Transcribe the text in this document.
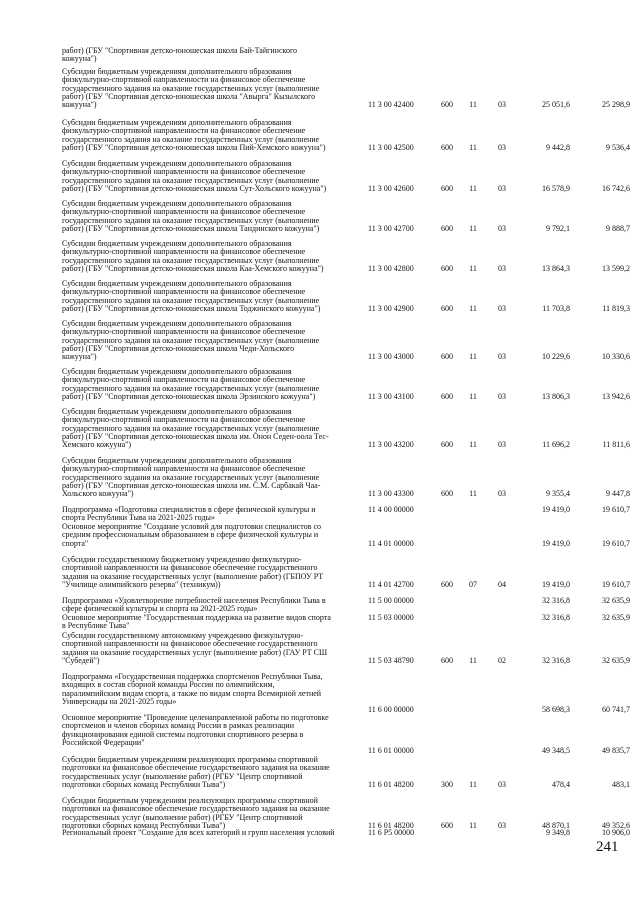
работ) (ГБУ "Спортивная детско-юношеская школа Бай-Тайгинского
кожууна")
Субсидии бюджетным учреждениям дополнительного образования
физкультурно-спортивной направленности на финансовое обеспечение
государственного задания на оказание государственных услуг (выполнение
работ) (ГБУ "Спортивная детско-юношеская школа "Авырга" Кызылского
кожууна")	11 3 00 42400	600	11	03	25 051,6	25 298,9
Субсидии бюджетным учреждениям дополнительного образования
физкультурно-спортивной направленности на финансовое обеспечение
государственного задания на оказание государственных услуг (выполнение
работ) (ГБУ "Спортивная детско-юношеская школа Пий-Хемского кожууна")	11 3 00 42500	600	11	03	9 442,8	9 536,4
Субсидии бюджетным учреждениям дополнительного образования
физкультурно-спортивной направленности на финансовое обеспечение
государственного задания на оказание государственных услуг (выполнение
работ) (ГБУ "Спортивная детско-юношеская школа Сут-Хольского кожууна")	11 3 00 42600	600	11	03	16 578,9	16 742,6
Субсидии бюджетным учреждениям дополнительного образования
физкультурно-спортивной направленности на финансовое обеспечение
государственного задания на оказание государственных услуг (выполнение
работ) (ГБУ "Спортивная детско-юношеская школа Тандинского кожууна")	11 3 00 42700	600	11	03	9 792,1	9 888,7
Субсидии бюджетным учреждениям дополнительного образования
физкультурно-спортивной направленности на финансовое обеспечение
государственного задания на оказание государственных услуг (выполнение
работ) (ГБУ "Спортивная детско-юношеская школа Каа-Хемского кожууна")	11 3 00 42800	600	11	03	13 864,3	13 599,2
Субсидии бюджетным учреждениям дополнительного образования
физкультурно-спортивной направленности на финансовое обеспечение
государственного задания на оказание государственных услуг (выполнение
работ) (ГБУ "Спортивная детско-юношеская школа Тоджинского кожууна")	11 3 00 42900	600	11	03	11 703,8	11 819,3
Субсидии бюджетным учреждениям дополнительного образования
физкультурно-спортивной направленности на финансовое обеспечение
государственного задания на оказание государственных услуг (выполнение
работ) (ГБУ "Спортивная детско-юношеская школа Чеди-Хольского
кожууна")	11 3 00 43000	600	11	03	10 229,6	10 330,6
Субсидии бюджетным учреждениям дополнительного образования
физкультурно-спортивной направленности на финансовое обеспечение
государственного задания на оказание государственных услуг (выполнение
работ) (ГБУ "Спортивная детско-юношеская школа Эрзинского кожууна")	11 3 00 43100	600	11	03	13 806,3	13 942,6
Субсидии бюджетным учреждениям дополнительного образования
физкультурно-спортивной направленности на финансовое обеспечение
государственного задания на оказание государственных услуг (выполнение
работ) (ГБУ "Спортивная детско-юношеская школа им. Онон Седен-оола Тес-
Хемского кожууна")	11 3 00 43200	600	11	03	11 696,2	11 811,6
Субсидии бюджетным учреждениям дополнительного образования
физкультурно-спортивной направленности на финансовое обеспечение
государственного задания на оказание государственных услуг (выполнение
работ) (ГБУ "Спортивная детско-юношеская школа им. С.М. Сарбакай Чаа-
Хольского кожууна")	11 3 00 43300	600	11	03	9 355,4	9 447,8
Подпрограмма «Подготовка специалистов в сфере физической культуры и
спорта Республики Тыва на 2021-2025 годы»
11 4 00 00000	19 419,0	19 610,7
Основное мероприятие "Создание условий для подготовки специалистов со
средним профессиональным образованием в сфере физической культуры и
спорта"	11 4 01 00000	19 419,0	19 610,7
Субсидии государственному бюджетному учреждению физкультурно-
спортивной направленности на финансовое обеспечение государственного
задания на оказание государственных услуг (выполнение работ) (ГБПОУ РТ
"Училище олимпийского резерва" (техникум))	11 4 01 42700	600	07	04	19 419,0	19 610,7
Подпрограмма «Удовлетворение потребностей населения Республики Тыва в
сфере физической культуры и спорта на 2021-2025 годы»
11 5 00 00000	32 316,8	32 635,9
Основное мероприятие "Государственная поддержка на развитие видов спорта
в Республике Тыва"
11 5 03 00000	32 316,8	32 635,9
Субсидии государственному автономному учреждению физкультурно-
спортивной направленности на финансовое обеспечение государственного
задания на оказание государственных услуг (выполнение работ) (ГАУ РТ СШ
"Субедей")	11 5 03 48790	600	11	02	32 316,8	32 635,9
Подпрограмма «Государственная поддержка спортсменов Республики Тыва,
входящих в состав сборной команды России по олимпийским,
паралимпийским видам спорта, а также по видам спорта Всемирной летней
Универсиады на 2021-2025 годы»
11 6 00 00000	58 698,3	60 741,7
Основное мероприятие "Проведение целенаправленной работы по подготовке
спортсменов и членов сборных команд России в рамках реализации
функционирования единой системы подготовки спортивного резерва в
Российской Федерации"
11 6 01 00000	49 348,5	49 835,7
Субсидии бюджетным учреждениям реализующих программы спортивной
подготовки на финансовое обеспечение государственного задания на оказание
государственных услуг (выполнение работ) (РГБУ "Центр спортивной
подготовки сборных команд Республики Тыва")	11 6 01 48200	300	11	03	478,4	483,1
Субсидии бюджетным учреждениям реализующих программы спортивной
подготовки на финансовое обеспечение государственного задания на оказание
государственных услуг (выполнение работ) (РГБУ "Центр спортивной
подготовки сборных команд Республики Тыва")	11 6 01 48200	600	11	03	48 870,1	49 352,6
Региональный проект "Создание для всех категорий и групп населения условий	11 6 P5 00000	9 349,8	10 906,0
241
